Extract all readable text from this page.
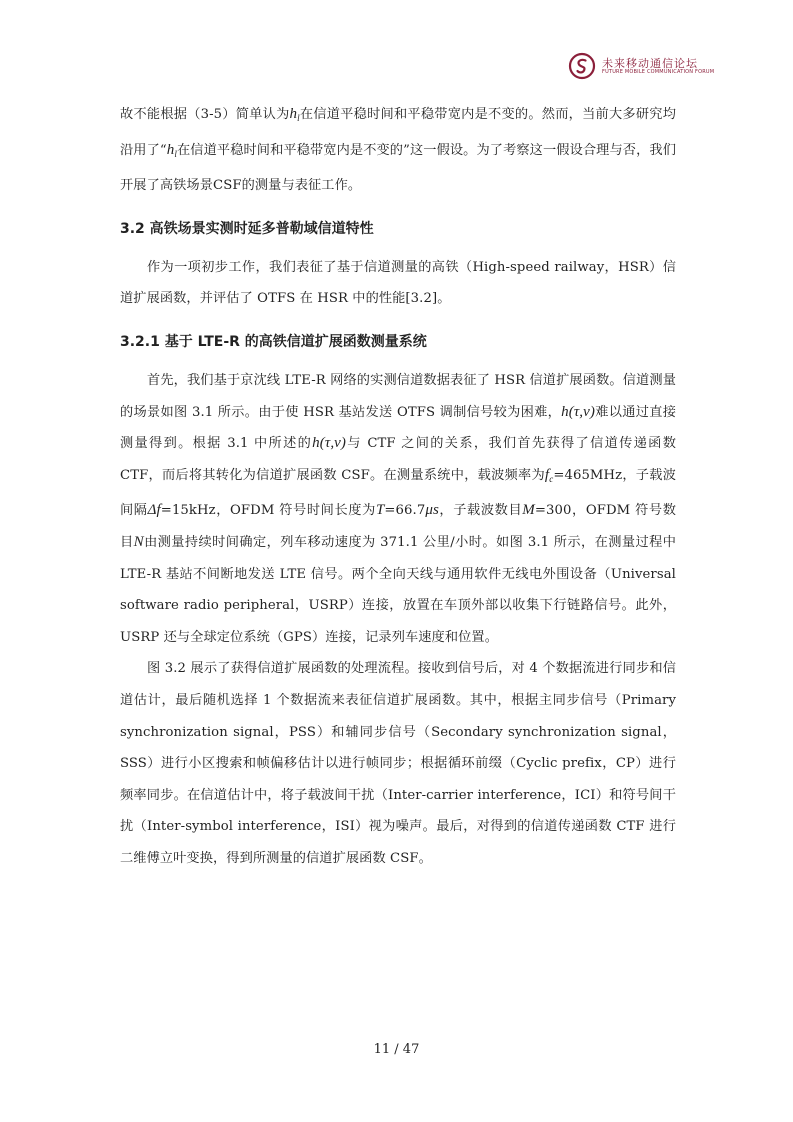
未来移动通信论坛
FUTURE MOBILE COMMUNICATION FORUM

故不能根据（3-5）简单认为$h_l$在信道平稳时间和平稳带宽内是不变的。然而，当前大多研究均沿用了“$h_l$在信道平稳时间和平稳带宽内是不变的”这一假设。为了考察这一假设合理与否，我们开展了高铁场景CSF的测量与表征工作。

3.2 高铁场景实测时延多普勒域信道特性

作为一项初步工作，我们表征了基于信道测量的高铁（High-speed railway，HSR）信道扩展函数，并评估了 OTFS 在 HSR 中的性能[3.2]。

3.2.1 基于 LTE-R 的高铁信道扩展函数测量系统

首先，我们基于京沈线 LTE-R 网络的实测信道数据表征了 HSR 信道扩展函数。信道测量的场景如图 3.1 所示。由于使 HSR 基站发送 OTFS 调制信号较为困难，h(τ,ν)难以通过直接测量得到。根据 3.1 中所述的h(τ,ν)与 CTF 之间的关系，我们首先获得了信道传递函数 CTF，而后将其转化为信道扩展函数 CSF。在测量系统中，载波频率为$f_c=465MHz$，子载波间隔Δf=15kHz，OFDM 符号时间长度为T=66.7μs，子载波数目M=300，OFDM 符号数目N由测量持续时间确定，列车移动速度为 371.1 公里/小时。如图 3.1 所示，在测量过程中 LTE-R 基站不间断地发送 LTE 信号。两个全向天线与通用软件无线电外围设备（Universal software radio peripheral，USRP）连接，放置在车顶外部以收集下行链路信号。此外，USRP 还与全球定位系统（GPS）连接，记录列车速度和位置。

图 3.2 展示了获得信道扩展函数的处理流程。接收到信号后，对 4 个数据流进行同步和信道估计，最后随机选择 1 个数据流来表征信道扩展函数。其中，根据主同步信号（Primary synchronization signal，PSS）和辅同步信号（Secondary synchronization signal，SSS）进行小区搜索和帧偏移估计以进行帧同步；根据循环前缀（Cyclic prefix，CP）进行频率同步。在信道估计中，将子载波间干扰（Inter-carrier interference，ICI）和符号间干扰（Inter-symbol interference，ISI）视为噪声。最后，对得到的信道传递函数 CTF 进行二维傅立叶变换，得到所测量的信道扩展函数 CSF。

11 / 47
